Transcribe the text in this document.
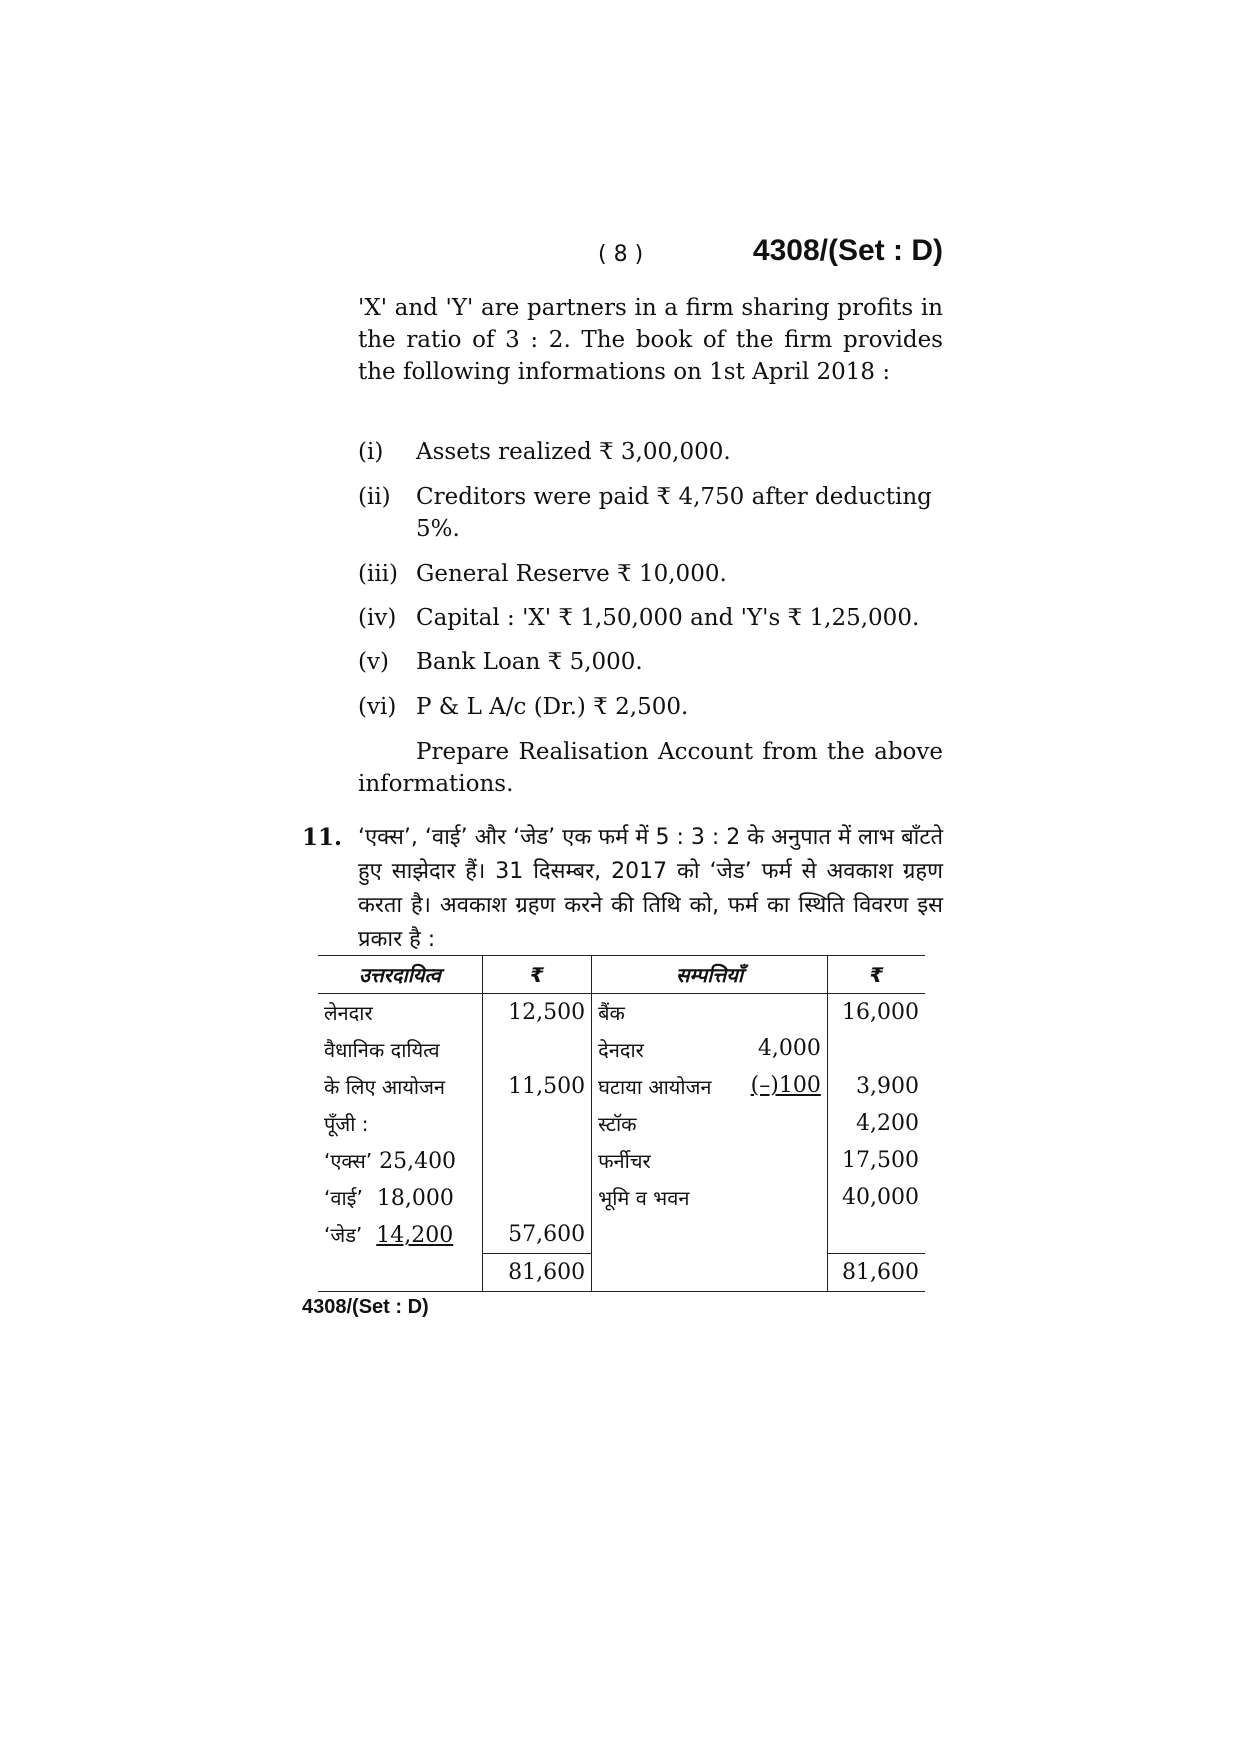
( 8 )	4308/(Set : D)
'X' and 'Y' are partners in a firm sharing profits in the ratio of 3 : 2. The book of the firm provides the following informations on 1st April 2018 :
(i)	Assets realized ₹ 3,00,000.
(ii)	Creditors were paid ₹ 4,750 after deducting 5%.
(iii) General Reserve ₹ 10,000.
(iv) Capital : 'X' ₹ 1,50,000 and 'Y's ₹ 1,25,000.
(v)	Bank Loan ₹ 5,000.
(vi) P & L A/c (Dr.) ₹ 2,500.
Prepare Realisation Account from the above informations.
11. ‘एक्स’, ‘वाई’ और ‘जेड’ एक फर्म में 5 : 3 : 2 के अनुपात में लाभ बाँटते हुए साझेदार हैं। 31 दिसम्बर, 2017 को ‘जेड’ फर्म से अवकाश ग्रहण करता है। अवकाश ग्रहण करने की तिथि को, फर्म का स्थिति विवरण इस प्रकार है :
उत्तरदायित्व	₹	सम्पत्तियाँ	₹
लेनदार	12,500	बैंक	16,000
वैधानिक दायित्व		देनदार 4,000	

के लिए आयोजन	11,500	घटाया आयोजन (–)100	3,900
पूँजी :		स्टॉक	4,200
‘एक्स’ 25,400		फर्नीचर	17,500
‘वाई’ 18,000		भूमि व भवन	40,000
‘जेड’ 14,200	57,600		
	81,600		81,600
4308/(Set : D)
